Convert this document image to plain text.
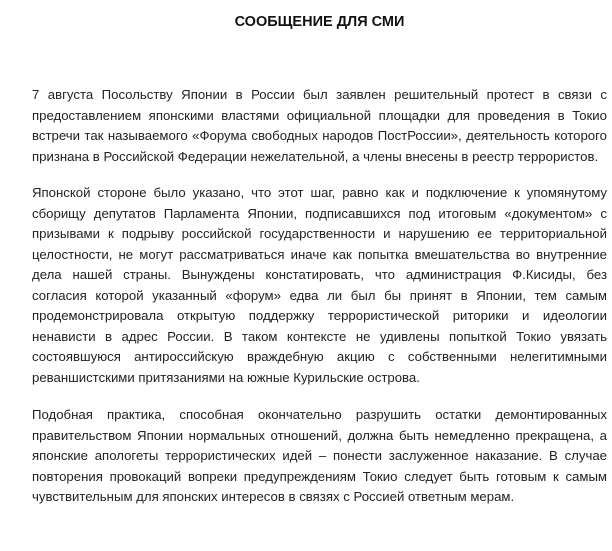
СООБЩЕНИЕ ДЛЯ СМИ

7 августа Посольству Японии в России был заявлен решительный протест в связи с предоставлением японскими властями официальной площадки для проведения в Токио встречи так называемого «Форума свободных народов ПостРоссии», деятельность которого признана в Российской Федерации нежелательной, а члены внесены в реестр террористов.

Японской стороне было указано, что этот шаг, равно как и подключение к упомянутому сборищу депутатов Парламента Японии, подписавшихся под итоговым «документом» с призывами к подрыву российской государственности и нарушению ее территориальной целостности, не могут рассматриваться иначе как попытка вмешательства во внутренние дела нашей страны. Вынуждены констатировать, что администрация Ф.Кисиды, без согласия которой указанный «форум» едва ли был бы принят в Японии, тем самым продемонстрировала открытую поддержку террористической риторики и идеологии ненависти в адрес России. В таком контексте не удивлены попыткой Токио увязать состоявшуюся антироссийскую враждебную акцию с собственными нелегитимными реваншистскими притязаниями на южные Курильские острова.

Подобная практика, способная окончательно разрушить остатки демонтированных правительством Японии нормальных отношений, должна быть немедленно прекращена, а японские апологеты террористических идей – понести заслуженное наказание. В случае повторения провокаций вопреки предупреждениям Токио следует быть готовым к самым чувствительным для японских интересов в связях с Россией ответным мерам.
